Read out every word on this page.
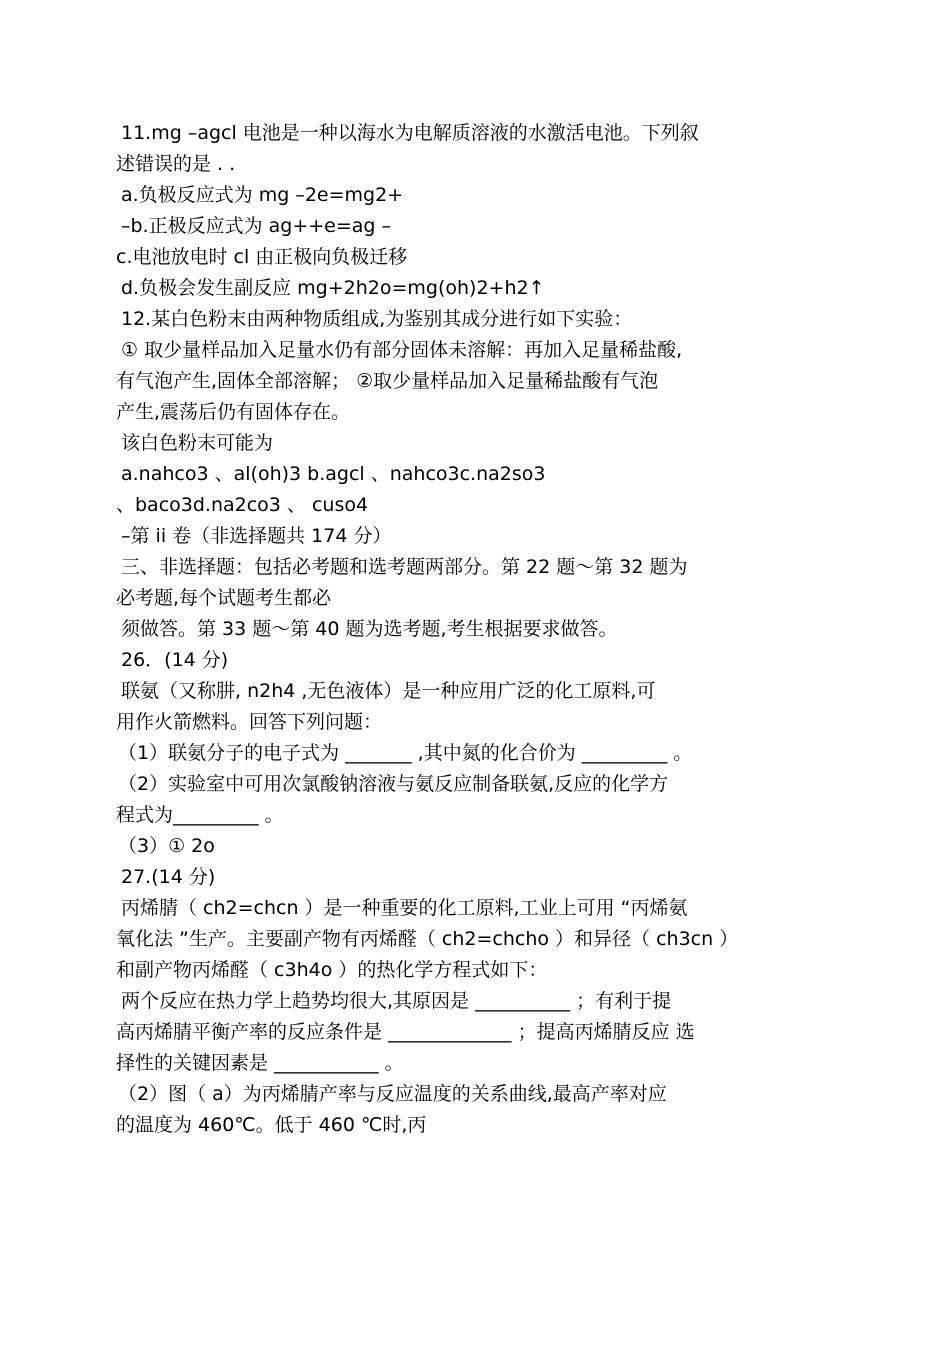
11.mg –agcl 电池是一种以海水为电解质溶液的水激活电池。下列叙
述错误的是 . .
a.负极反应式为 mg –2e=mg2+
–b.正极反应式为 ag++e=ag –
c.电池放电时 cl 由正极向负极迁移
d.负极会发生副反应 mg+2h2o=mg(oh)2+h2↑
12.某白色粉末由两种物质组成,为鉴别其成分进行如下实验：
① 取少量样品加入足量水仍有部分固体未溶解：再加入足量稀盐酸,
有气泡产生,固体全部溶解； ②取少量样品加入足量稀盐酸有气泡
产生,震荡后仍有固体存在。
该白色粉末可能为
a.nahco3 、al(oh)3 b.agcl 、nahco3c.na2so3
、baco3d.na2co3 、 cuso4
–第 ii 卷（非选择题共 174 分）
三、非选择题：包括必考题和选考题两部分。第 22 题～第 32 题为
必考题,每个试题考生都必
须做答。第 33 题～第 40 题为选考题,考生根据要求做答。
26．(14 分)
联氨（又称肼, n2h4 ,无色液体）是一种应用广泛的化工原料,可
用作火箭燃料。回答下列问题：
（1）联氨分子的电子式为 _______ ,其中氮的化合价为 _________ 。
（2）实验室中可用次氯酸钠溶液与氨反应制备联氨,反应的化学方
程式为_________ 。
（3）① 2o
27.(14 分)
丙烯腈（ ch2=chcn ）是一种重要的化工原料,工业上可用 “丙烯氨
氧化法 ”生产。主要副产物有丙烯醛（ ch2=chcho ）和异径（ ch3cn ）
和副产物丙烯醛（ c3h4o ）的热化学方程式如下：
两个反应在热力学上趋势均很大,其原因是 __________ ；有利于提
高丙烯腈平衡产率的反应条件是 _____________ ；提高丙烯腈反应 选
择性的关键因素是 ___________ 。
（2）图（ a）为丙烯腈产率与反应温度的关系曲线,最高产率对应
的温度为 460℃。低于 460 ℃时,丙
